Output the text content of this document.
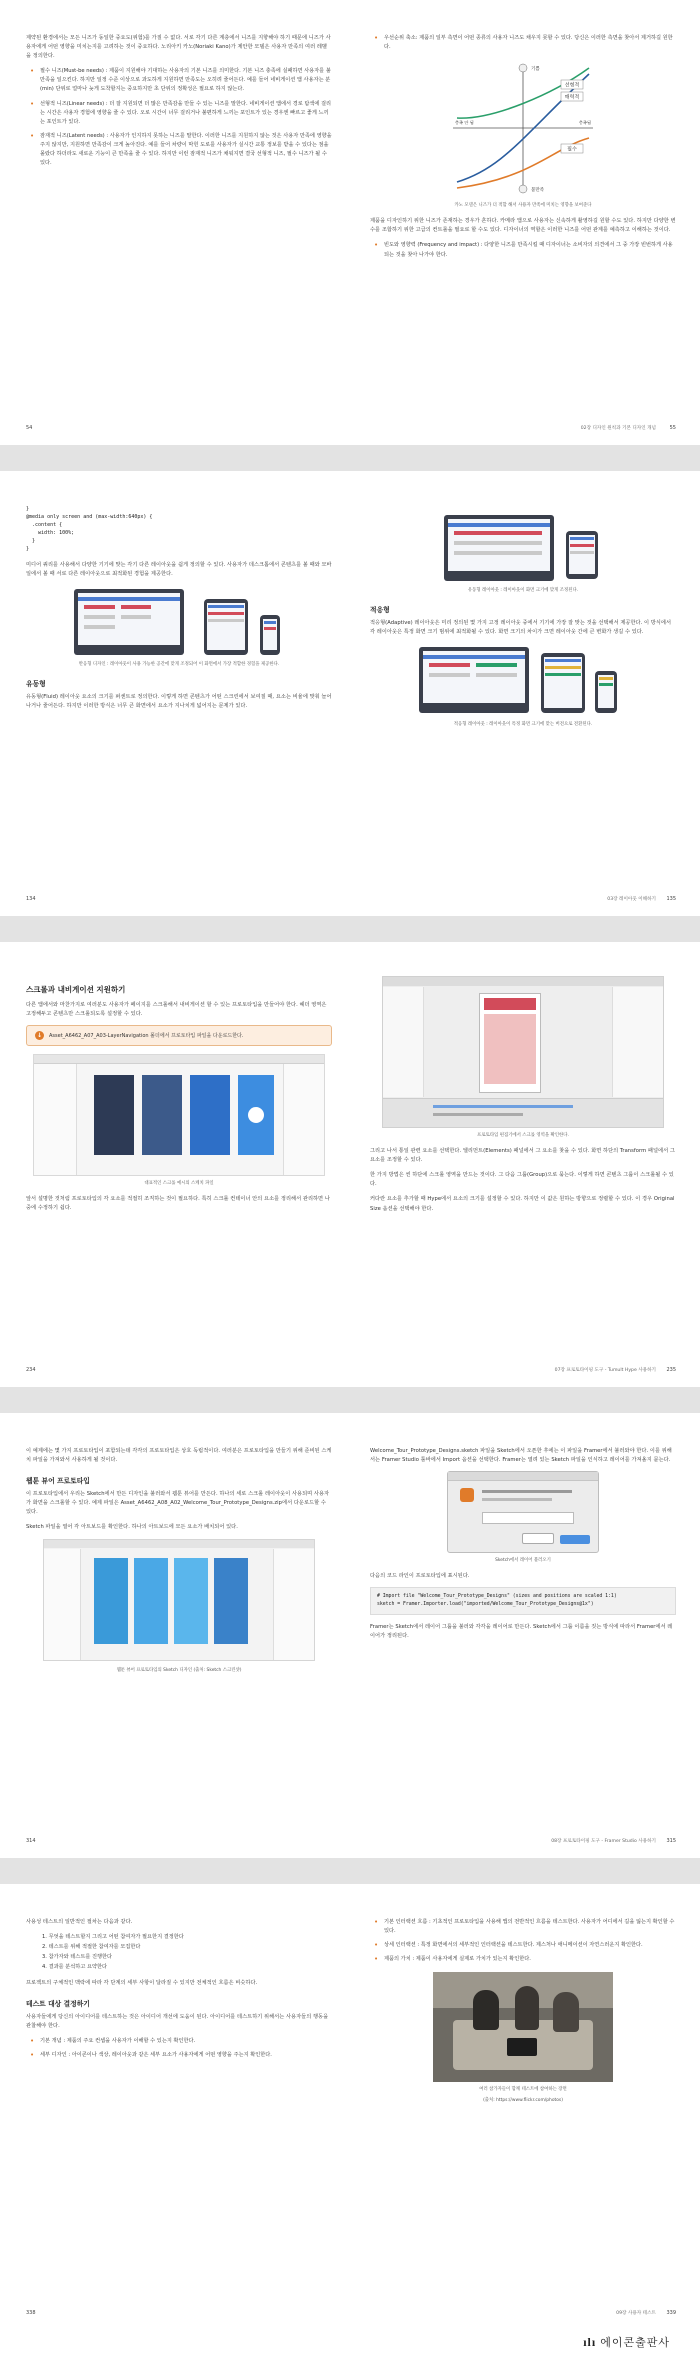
제약된 환경에서는 모든 니즈가 동일한 중요도(위험)를 가질 수 없다. 서로 각기 다른 계층에서 니즈를 지향해야 하기 때문에 니즈가 사용자에게 어떤 영향을 미치는지를 고려하는 것이 중요하다. 노리아키 카노(Noriaki Kano)가 제안한 모델은 사용자 만족의 여러 레벨을 정의한다.

• 필수 니즈(Must-be needs) : 제품이 지원해야 기대하는 사용자의 기본 니즈를 의미한다. 기본 니즈 충족에 실패하면 사용자를 불만족을 일으킨다. 하지만 일정 수준 이상으로 과도하게 지원하면 만족도는 오히려 줄어든다. 예를 들어 네비게이션 앱 사용자는 분(min) 단위로 얼마나 늦게 도착할지는 중요하지만 초 단위의 정확성은 필요로 하지 않는다.

• 선형적 니즈(Linear needs) : 더 잘 지원되면 더 많은 만족감을 만들 수 있는 니즈를 말한다. 네비게이션 앱에서 경로 탐색에 걸리는 시간은 사용자 경험에 영향을 줄 수 있다. 오로 시간이 너무 걸리거나 불편하게 느끼는 포인트가 있는 경우엔 빠르고 좋게 느끼는 포인트가 있다.

• 잠재적 니즈(Latent needs) : 사용자가 인지하지 못하는 니즈를 말한다. 이러한 니즈를 지원하지 않는 것은 사용자 만족에 영향을 주지 않지만, 지원하면 만족감이 크게 높아진다. 예를 들어 차량이 막힌 도로를 사용자가 실시간 교통 정보를 받을 수 있다는 점을 몰랐다 하더라도 새로운 기능이 큰 만족을 줄 수 있다. 하지만 이런 잠재적 니즈가 채워지면 결국 선형적 니즈, 필수 니즈가 될 수 있다.

54

• 우선순위 축소: 제품의 일부 측면이 어떤 종류의 사용자 니즈도 채우지 못할 수 있다. 당신은 이러한 측면을 찾아서 제거하길 원한다.

선형적
매력적
필수
기쁨
불만족
충족 안 됨	충족됨

카노 모델은 니즈가 더 적합 해서 사용자 만족에 미치는 영향을 보여준다

제품을 디자인하기 위한 니즈가 존재하는 경우가 흔하다. 카메라 앱으로 사용자는 신속하게 촬영하길 원할 수도 있다. 하지만 다양한 변수를 조합하기 위한 고급의 컨트롤을 필요로 할 수도 있다. 디자이너의 역할은 이러한 니즈를 어떤 관계를 예측하고 이해하는 것이다.

• 빈도와 영향력 (Frequency and impact) : 다양한 니즈를 만족시킬 때 디자이너는 소비자의 의견에서 그 중 가장 빈번하게 사용되는 것을 찾아 나가야 한다.

02장 디자인 원칙과 기본 디자인 개념	55
}
@media only screen and (max-width:640px) {
.content {
width: 100%;
}
}

미디어 쿼리를 사용해서 다양한 기기에 맞는 각기 다른 레이아웃을 쉽게 정의할 수 있다. 사용자가 데스크톱에서 콘텐츠를 볼 때와 모바일에서 볼 때 서로 다른 레이아웃으로 최적화된 경험을 제공한다.

반응형 디자인 : 레이아웃이 사용 가능한 공간에 맞게 조정되어 이 화면에서 가장 적합한 경험을 제공한다.

유동형

유동형(Fluid) 레이아웃 요소의 크기를 퍼센트로 정의한다. 이렇게 하면 콘텐츠가 어떤 스크린에서 보여질 때, 요소는 비율에 맞춰 늘어나거나 줄어든다. 하지만 이러한 방식은 너무 큰 화면에서 요소가 지나치게 넓어지는 문제가 있다.

134

유동형 레이아웃 : 레이아웃이 화면 크기에 맞게 조정된다.

적응형

적응형(Adaptive) 레이아웃은 미리 정의된 몇 가지 고정 레이아웃 중에서 기기에 가장 잘 맞는 것을 선택해서 제공한다. 이 방식에서 각 레이아웃은 특정 화면 크기 범위에 최적화될 수 있다. 화면 크기의 차이가 크면 레이아웃 간에 큰 변화가 생길 수 있다.

적응형 레이아웃 : 레이아웃이 특정 화면 크기에 맞는 버전으로 전환된다.

03장 레이아웃 이해하기 135
스크롤과 내비게이션 지원하기

다른 앱에서와 마찬가지로 여러분도 사용자가 페이지를 스크롤해서 내비게이션 할 수 있는 프로토타입을 만들어야 한다. 헤더 영역은 고정해두고 콘텐츠만 스크롤되도록 설정할 수 있다.

↓	Asset_A6462_A07_A03-LayerNavigation 폴더에서 프로토타입 파일을 다운로드한다.

대표적인 스크롤 예시의 스케치 파일

앞서 설명한 것처럼 프로토타입의 각 요소를 적절히 조직하는 것이 필요하다. 특히 스크롤 컨테이너 안의 요소를 정리해서 관리하면 나중에 수정하기 쉽다.

234

프로토타입 편집기에서 스크롤 영역을 확인한다.

그리고 나서 통일 관련 요소를 선택한다. 엘리먼트(Elements) 패널에서 그 요소를 찾을 수 있다. 화면 하단의 Transform 패널에서 그 요소를 조정할 수 있다.

한 가지 방법은 씬 하단에 스크롤 영역을 만드는 것이다. 그 다음 그룹(Group)으로 묶는다. 이렇게 하면 콘텐츠 그룹이 스크롤될 수 있다.

커다란 요소를 추가할 때 Hype에서 요소의 크기를 설정할 수 있다. 하지만 이 값은 원하는 방향으로 정렬할 수 있다. 이 경우 Original Size 옵션을 선택해야 한다.

07장 프로토타이핑 도구 - Tumult Hype 사용하기 235

이 예제에는 몇 가지 프로토타입이 포함되는데 각각의 프로토타입은 상호 독립적이다. 여러분은 프로토타입을 만들기 위해 준비된 스케치 파일을 가져와서 사용하게 될 것이다.

웹툰 뷰어 프로토타입

이 프로토타입에서 우리는 Sketch에서 만든 디자인을 불러와서 웹툰 뷰어를 만든다. 하나의 세로 스크롤 레이아웃이 사용되며 사용자가 화면을 스크롤할 수 있다. 예제 파일은 Asset_A6462_A08_A02_Welcome_Tour_Prototype_Designs.zip에서 다운로드할 수 있다.

Sketch 파일을 열어 각 아트보드를 확인한다. 하나의 아트보드에 모든 요소가 배치되어 있다.

웹툰 뷰어 프로토타입의 Sketch 디자인 (출처: Sketch 스크린샷)

314

Welcome_Tour_Prototype_Designs.sketch 파일을 Sketch에서 오픈한 후에는 이 파일을 Framer에서 불러와야 한다. 이를 위해서는 Framer Studio 툴바에서 Import 옵션을 선택한다. Framer는 열려 있는 Sketch 파일을 인식하고 레이어를 가져올지 묻는다.

Sketch에서 레이어 불러오기

다음의 코드 라인이 프로토타입에 표시된다.

# Import file "Welcome_Tour_Prototype_Designs" (sizes and positions are scaled 1:1)
sketch = Framer.Importer.load("imported/Welcome_Tour_Prototype_Designs@1x")

Framer는 Sketch에서 레이어 그룹을 불러와 각각을 레이어로 만든다. Sketch에서 그룹 이름을 짓는 방식에 따라서 Framer에서 레이어가 정리된다.

08장 프로토타이핑 도구 - Framer Studio 사용하기 315

사용성 테스트의 일반적인 절차는 다음과 같다.

1. 무엇을 테스트할지 그리고 어떤 참여자가 필요한지 결정한다

2. 테스트를 위해 적절한 참여자를 모집한다

3. 참가자와 테스트를 진행한다

4. 결과를 분석하고 요약한다

프로젝트의 구체적인 맥락에 따라 각 단계의 세부 사항이 달라질 수 있지만 전체적인 흐름은 비슷하다.

테스트 대상 결정하기

사용자들에게 당신의 아이디어를 테스트하는 것은 아이디어 개선에 도움이 된다. 아이디어를 테스트하기 위해서는 사용자들의 행동을 관찰해야 한다.

• 기본 개념 : 제품의 주요 컨셉을 사용자가 이해할 수 있는지 확인한다.

• 세부 디자인 : 아이콘이나 색상, 레이아웃과 같은 세부 요소가 사용자에게 어떤 영향을 주는지 확인한다.

338

• 기본 인터랙션 흐름 : 기초적인 프로토타입을 사용해 앱의 전반적인 흐름을 테스트한다. 사용자가 어디에서 길을 잃는지 확인할 수 있다.

• 상세 인터랙션 : 특정 화면에서의 세부적인 인터랙션을 테스트한다. 제스처나 애니메이션이 자연스러운지 확인한다.

• 제품의 가치 : 제품이 사용자에게 실제로 가치가 있는지 확인한다.

여러 참가자들이 함께 테스트에 참여하는 장면

(출처: https://www.flickr.com/photos)

09장 사용자 테스트 339
ılı 에이콘출판사
